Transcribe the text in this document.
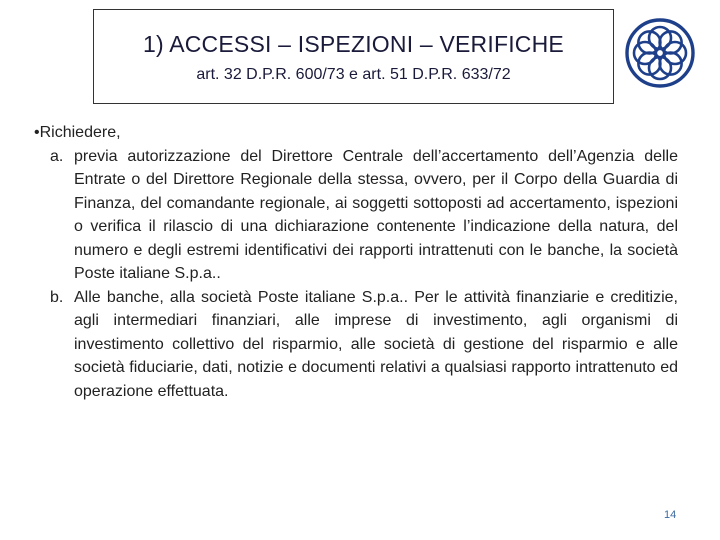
1) ACCESSI – ISPEZIONI – VERIFICHE
art. 32 D.P.R. 600/73 e art. 51 D.P.R. 633/72

•Richiedere,

a. previa autorizzazione del Direttore Centrale dell’accertamento dell’Agenzia delle Entrate o del Direttore Regionale della stessa, ovvero, per il Corpo della Guardia di Finanza, del comandante regionale, ai soggetti sottoposti ad accertamento, ispezioni o verifica il rilascio di una dichiarazione contenente l’indicazione della natura, del numero e degli estremi identificativi dei rapporti intrattenuti con le banche, la società Poste italiane S.p.a..
b. Alle banche, alla società Poste italiane S.p.a.. Per le attività finanziarie e creditizie, agli intermediari finanziari, alle imprese di investimento, agli organismi di investimento collettivo del risparmio, alle società di gestione del risparmio e alle società fiduciarie, dati, notizie e documenti relativi a qualsiasi rapporto intrattenuto ed operazione effettuata.
14
